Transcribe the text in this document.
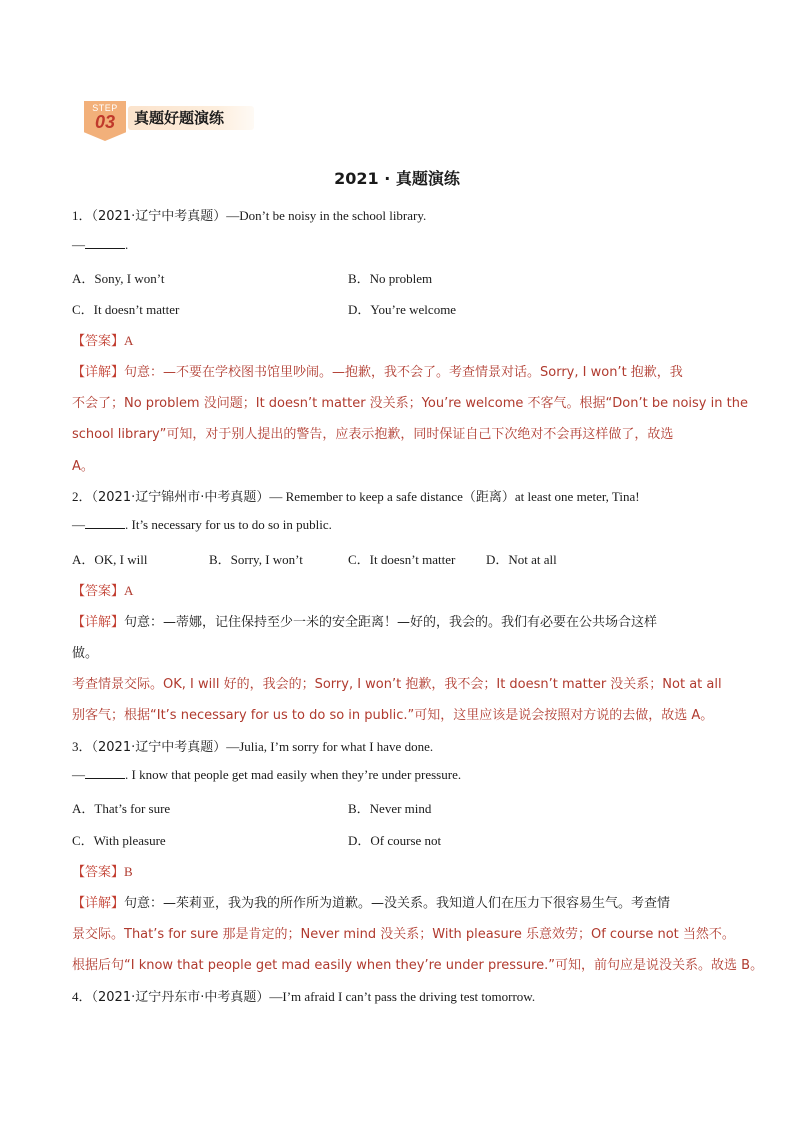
STEP
03	真题好题演练
2021 · 真题演练
1．（2021·辽宁中考真题）—Don’t be noisy in the school library.
—	.
A．Sony, I won’t	B．No problem
C．It doesn’t matter	D．You’re welcome
【答案】A
【详解】句意：—不要在学校图书馆里吵闹。—抱歉，我不会了。考查情景对话。Sorry, I won’t 抱歉，我
不会了；No problem 没问题；It doesn’t matter 没关系；You’re welcome 不客气。根据“Don’t be noisy in the
school library”可知，对于别人提出的警告，应表示抱歉，同时保证自己下次绝对不会再这样做了，故选
A。
2．（2021·辽宁锦州市·中考真题）— Remember to keep a safe distance（距离）at least one meter, Tina!
—	. It’s necessary for us to do so in public.
A．OK, I will	B．Sorry, I won’t	C．It doesn’t matter D．Not at all
【答案】A
【详解】句意：—蒂娜，记住保持至少一米的安全距离！—好的，我会的。我们有必要在公共场合这样
做。
考查情景交际。OK, I will 好的，我会的；Sorry, I won’t 抱歉，我不会；It doesn’t matter 没关系；Not at all
别客气；根据“It’s necessary for us to do so in public.”可知，这里应该是说会按照对方说的去做，故选 A。
3．（2021·辽宁中考真题）—Julia, I’m sorry for what I have done.
—	. I know that people get mad easily when they’re under pressure.
A．That’s for sure	B．Never mind
C．With pleasure	D．Of course not
【答案】B
【详解】句意：—茱莉亚，我为我的所作所为道歉。—没关系。我知道人们在压力下很容易生气。考查情
景交际。That’s for sure 那是肯定的；Never mind 没关系；With pleasure 乐意效劳；Of course not 当然不。
根据后句“I know that people get mad easily when they’re under pressure.”可知，前句应是说没关系。故选 B。
4．（2021·辽宁丹东市·中考真题）—I’m afraid I can’t pass the driving test tomorrow.
